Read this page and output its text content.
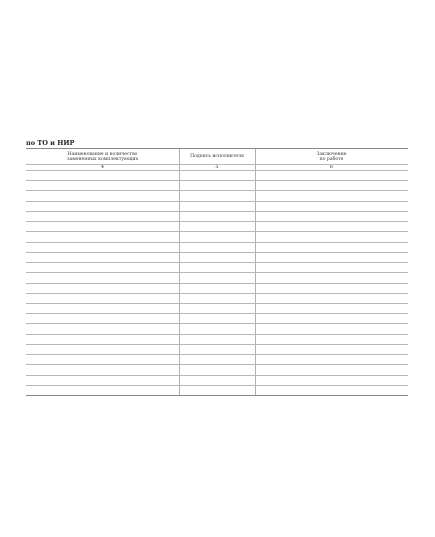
по ТО и НИР
Наименование и количество
замененных комплектующих
Подпись исполнителя
Заключение
по работе
4	5	6
